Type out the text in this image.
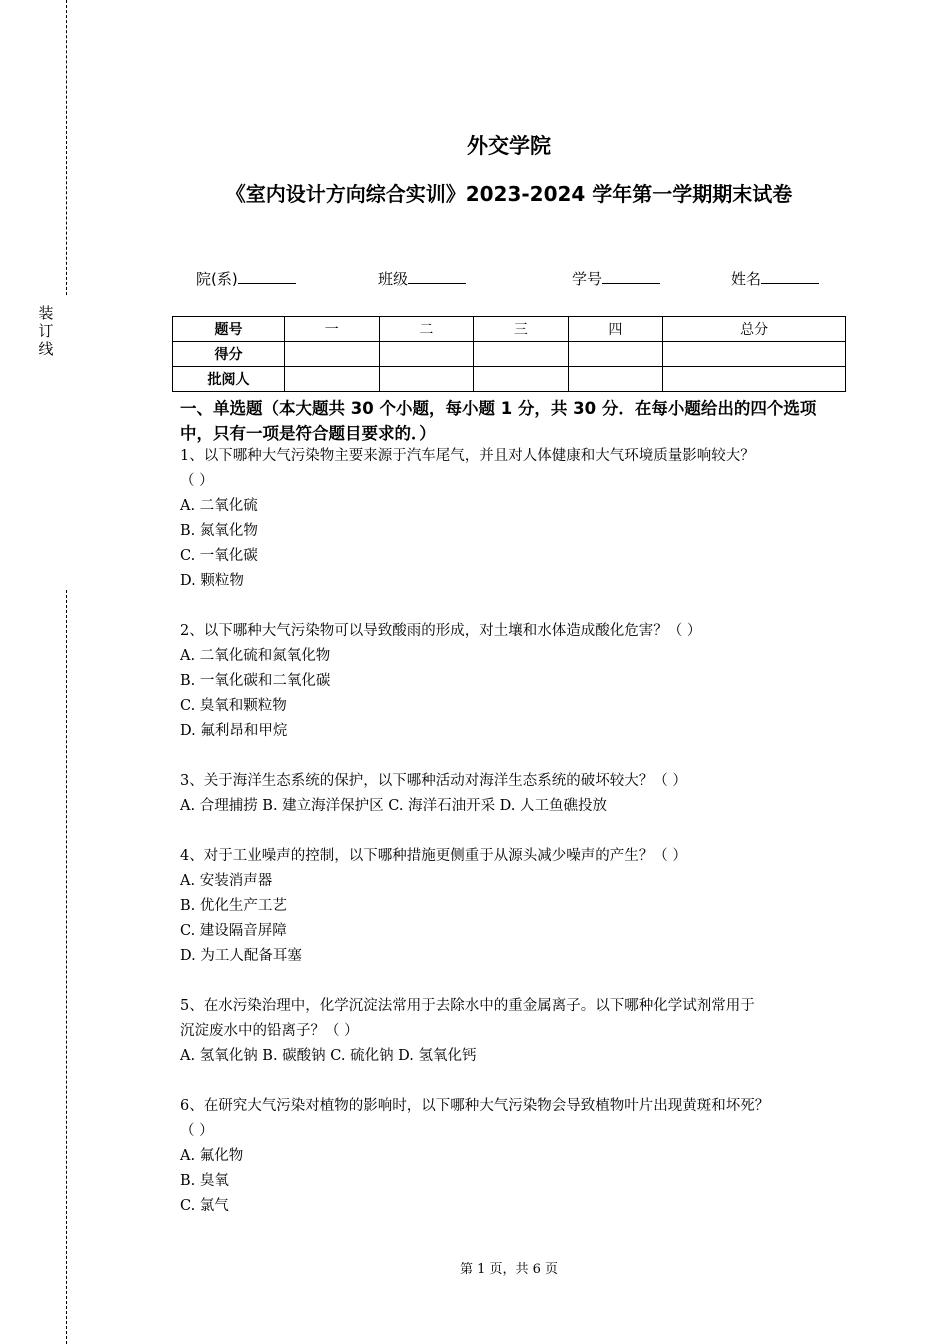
装
订
线
外交学院
《室内设计方向综合实训》2023-2024 学年第一学期期末试卷
院(系)	班级	学号	姓名
题号	一	二	三	四	总分
得分					
批阅人					
一、单选题（本大题共 30 个小题，每小题 1 分，共 30 分．在每小题给出的四个选项中，只有一项是符合题目要求的．）

1、以下哪种大气污染物主要来源于汽车尾气，并且对人体健康和大气环境质量影响较大？

（ ）

A. 二氧化硫

B. 氮氧化物

C. 一氧化碳

D. 颗粒物

2、以下哪种大气污染物可以导致酸雨的形成，对土壤和水体造成酸化危害？（ ）

A. 二氧化硫和氮氧化物

B. 一氧化碳和二氧化碳

C. 臭氧和颗粒物

D. 氟利昂和甲烷

3、关于海洋生态系统的保护，以下哪种活动对海洋生态系统的破坏较大？（ ）

A. 合理捕捞 B. 建立海洋保护区 C. 海洋石油开采 D. 人工鱼礁投放

4、对于工业噪声的控制，以下哪种措施更侧重于从源头减少噪声的产生？（ ）

A. 安装消声器

B. 优化生产工艺

C. 建设隔音屏障

D. 为工人配备耳塞

5、在水污染治理中，化学沉淀法常用于去除水中的重金属离子。以下哪种化学试剂常用于

沉淀废水中的铅离子？（ ）

A. 氢氧化钠 B. 碳酸钠 C. 硫化钠 D. 氢氧化钙

6、在研究大气污染对植物的影响时，以下哪种大气污染物会导致植物叶片出现黄斑和坏死？

（ ）

A. 氟化物

B. 臭氧

C. 氯气

第 1 页，共 6 页
